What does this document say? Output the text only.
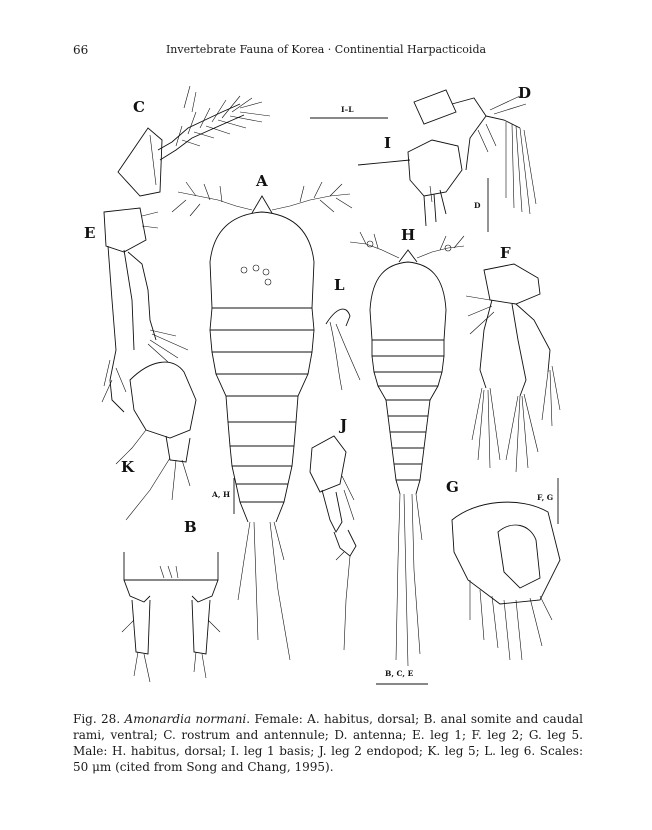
66	Invertebrate Fauna of Korea · Continential Harpacticoida
C	I–L
I
D
D
A
E	H
L
F
J
K
A, H	G
F, G
B
B, C, E
Fig. 28. Amonardia normani. Female: A. habitus, dorsal; B. anal somite and caudal rami, ventral; C. rostrum and antennule; D. antenna; E. leg 1; F. leg 2; G. leg 5. Male: H. habitus, dorsal; I. leg 1 basis; J. leg 2 endopod; K. leg 5; L. leg 6. Scales: 50 μm (cited from Song and Chang, 1995).
